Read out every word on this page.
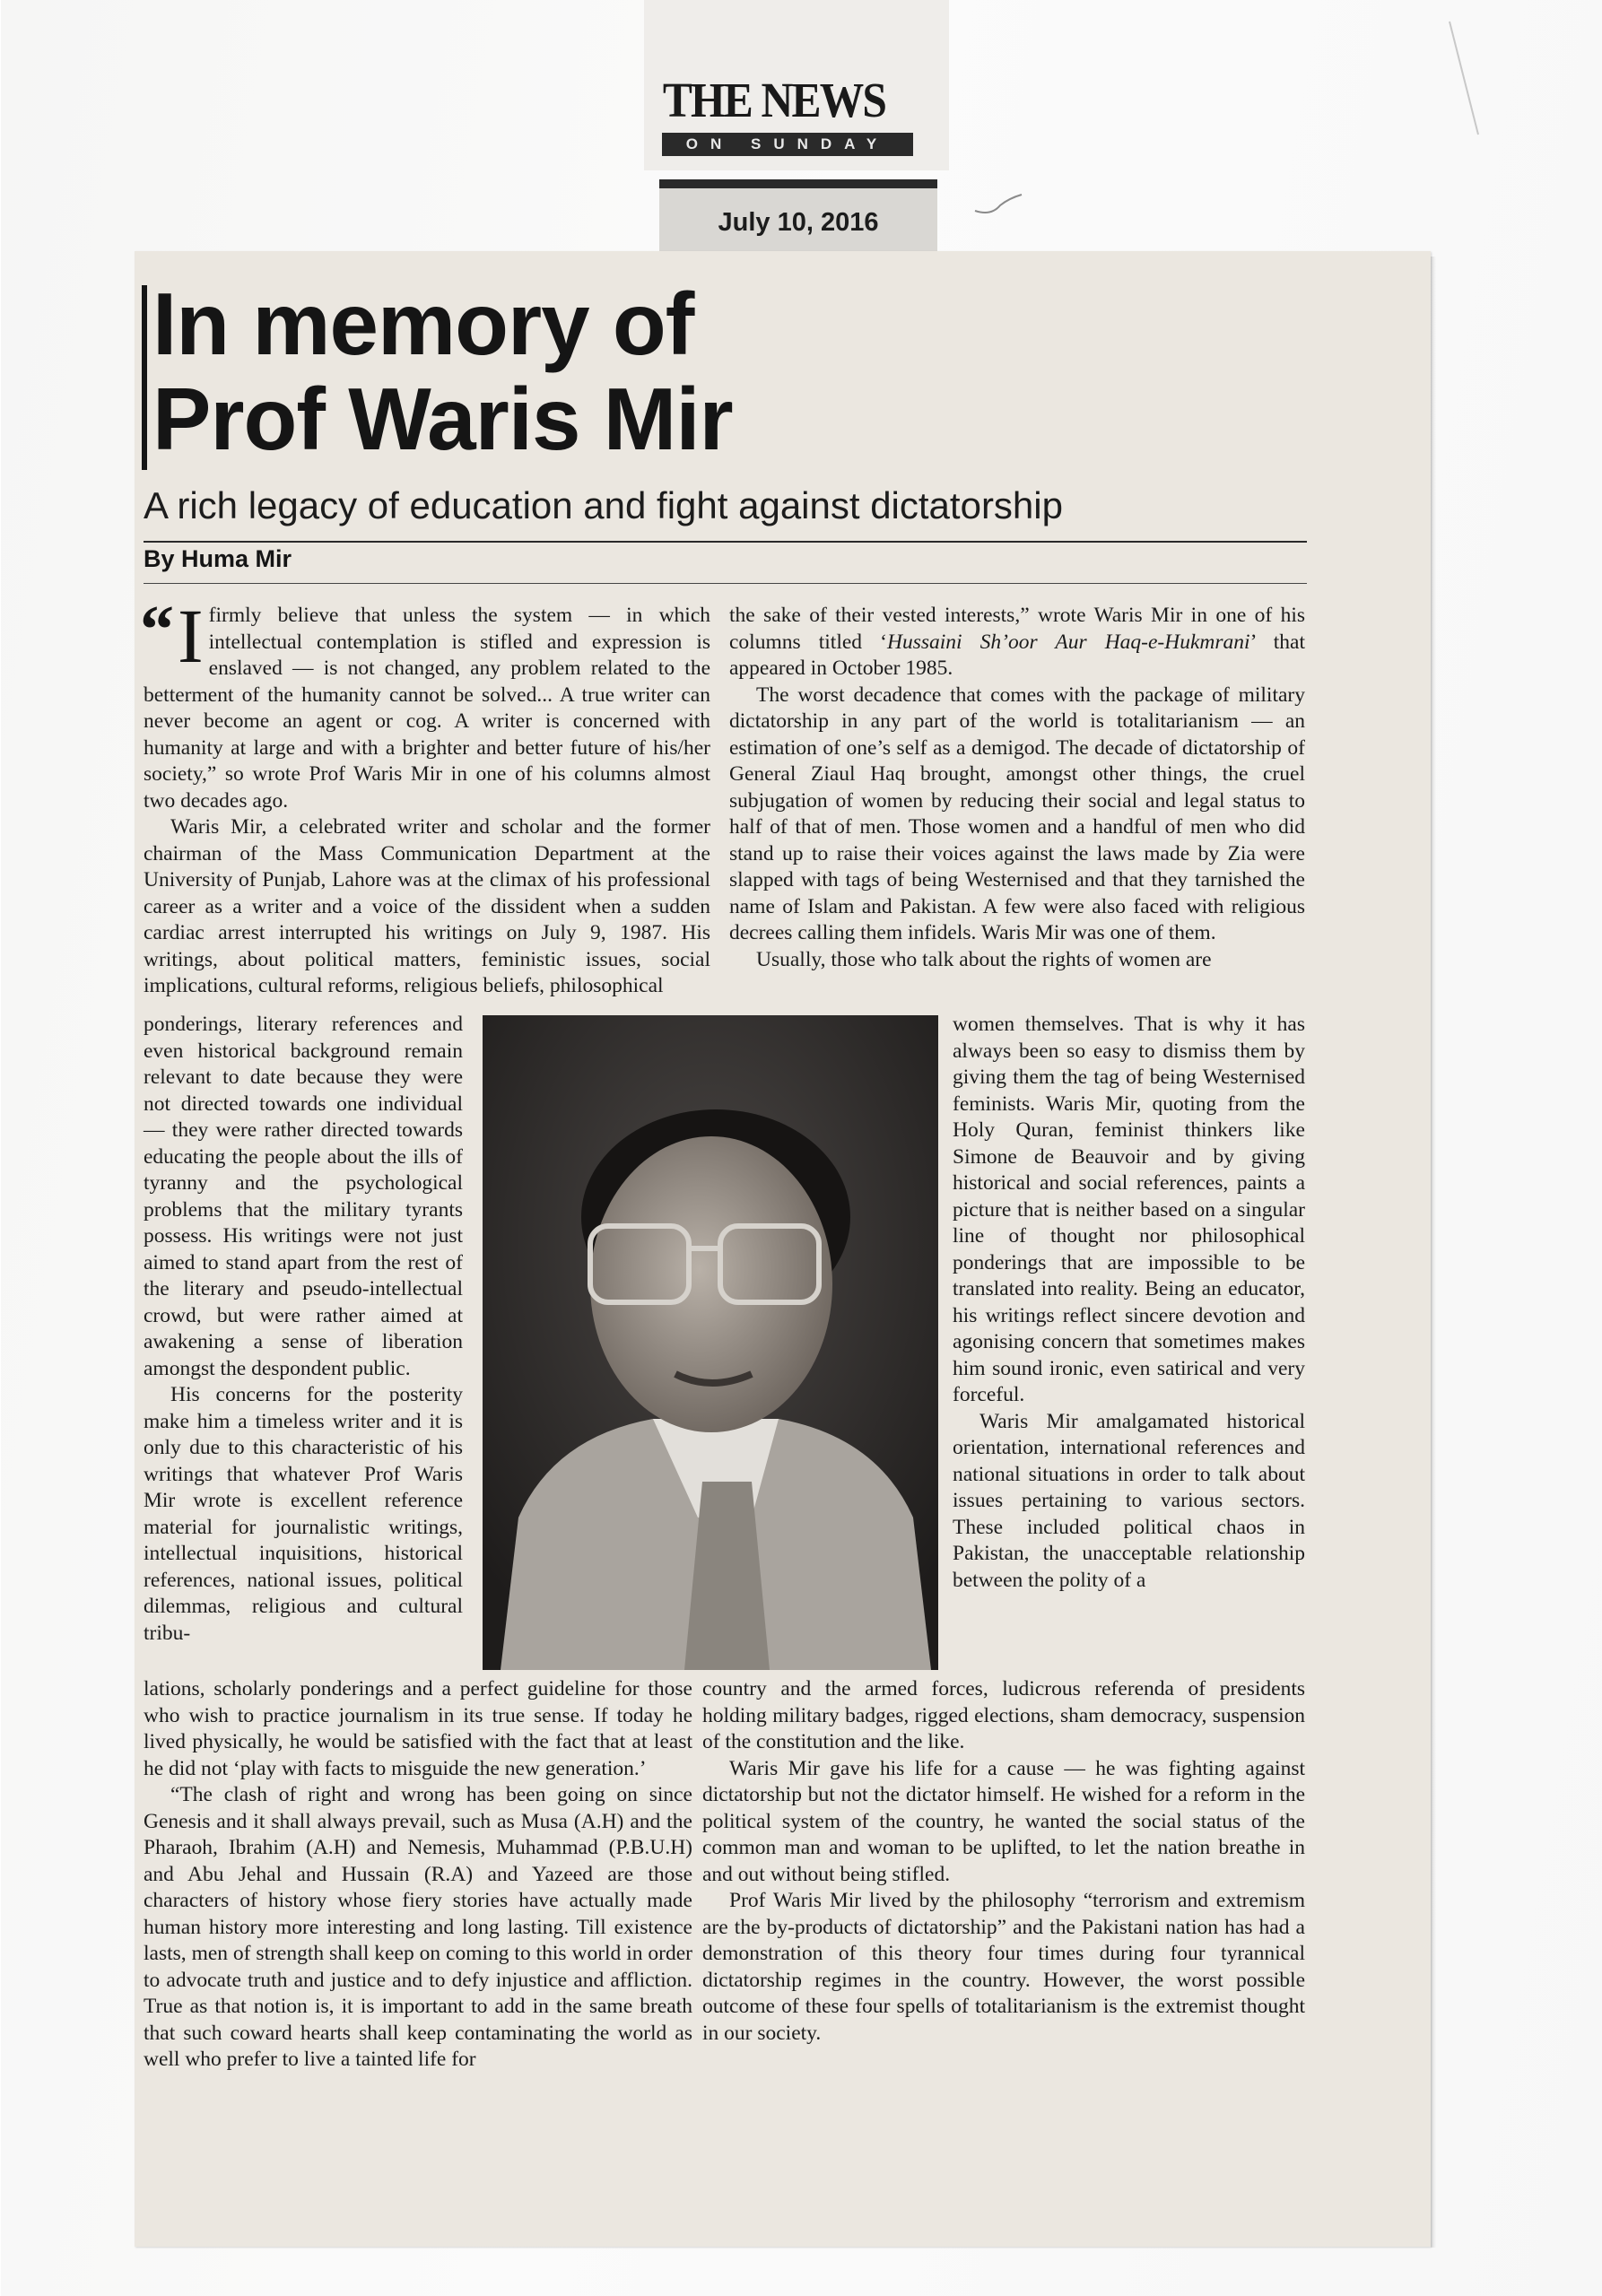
THE NEWS
ON SUNDAY
July 10, 2016
In memory of
Prof Waris Mir
A rich legacy of education and fight against dictatorship
By Huma Mir

“ I firmly believe that unless the system — in which intellectual contemplation is stifled and expression is enslaved — is not changed, any problem related to the betterment of the humanity cannot be solved... A true writer can never become an agent or cog. A writer is concerned with humanity at large and with a brighter and better future of his/her society,” so wrote Prof Waris Mir in one of his columns almost two decades ago.

Waris Mir, a celebrated writer and scholar and the former chairman of the Mass Communication Department at the University of Punjab, Lahore was at the climax of his professional career as a writer and a voice of the dissident when a sudden cardiac arrest interrupted his writings on July 9, 1987. His writings, about political matters, feministic issues, social implications, cultural reforms, religious beliefs, philosophical

the sake of their vested interests,” wrote Waris Mir in one of his columns titled ‘Hussaini Sh’oor Aur Haq-e-Hukmrani’ that appeared in October 1985.

The worst decadence that comes with the package of military dictatorship in any part of the world is totalitarianism — an estimation of one’s self as a demigod. The decade of dictatorship of General Ziaul Haq brought, amongst other things, the cruel subjugation of women by reducing their social and legal status to half of that of men. Those women and a handful of men who did stand up to raise their voices against the laws made by Zia were slapped with tags of being Westernised and that they tarnished the name of Islam and Pakistan. A few were also faced with religious decrees calling them infidels. Waris Mir was one of them.

Usually, those who talk about the rights of women are

ponderings, literary references and even historical background remain relevant to date because they were not directed towards one individual — they were rather directed towards educating the people about the ills of tyranny and the psychological problems that the military tyrants possess. His writings were not just aimed to stand apart from the rest of the literary and pseudo-intellectual crowd, but were rather aimed at awakening a sense of liberation amongst the despondent public.

His concerns for the posterity make him a timeless writer and it is only due to this characteristic of his writings that whatever Prof Waris Mir wrote is excellent reference material for journalistic writings, intellectual inquisitions, historical references, national issues, political dilemmas, religious and cultural tribu-

women themselves. That is why it has always been so easy to dismiss them by giving them the tag of being Westernised feminists. Waris Mir, quoting from the Holy Quran, feminist thinkers like Simone de Beauvoir and by giving historical and social references, paints a picture that is neither based on a singular line of thought nor philosophical ponderings that are impossible to be translated into reality. Being an educator, his writings reflect sincere devotion and agonising concern that sometimes makes him sound ironic, even satirical and very forceful.

Waris Mir amalgamated historical orientation, international references and national situations in order to talk about issues pertaining to various sectors. These included political chaos in Pakistan, the unacceptable relationship between the polity of a

lations, scholarly ponderings and a perfect guideline for those who wish to practice journalism in its true sense. If today he lived physically, he would be satisfied with the fact that at least he did not ‘play with facts to misguide the new generation.’

“The clash of right and wrong has been going on since Genesis and it shall always prevail, such as Musa (A.H) and the Pharaoh, Ibrahim (A.H) and Nemesis, Muhammad (P.B.U.H) and Abu Jehal and Hussain (R.A) and Yazeed are those characters of history whose fiery stories have actually made human history more interesting and long lasting. Till existence lasts, men of strength shall keep on coming to this world in order to advocate truth and justice and to defy injustice and affliction. True as that notion is, it is important to add in the same breath that such coward hearts shall keep contaminating the world as well who prefer to live a tainted life for

country and the armed forces, ludicrous referenda of presidents holding military badges, rigged elections, sham democracy, suspension of the constitution and the like.

Waris Mir gave his life for a cause — he was fighting against dictatorship but not the dictator himself. He wished for a reform in the political system of the country, he wanted the social status of the common man and woman to be uplifted, to let the nation breathe in and out without being stifled.

Prof Waris Mir lived by the philosophy “terrorism and extremism are the by-products of dictatorship” and the Pakistani nation has had a demonstration of this theory four times during four tyrannical dictatorship regimes in the country. However, the worst possible outcome of these four spells of totalitarianism is the extremist thought in our society.
